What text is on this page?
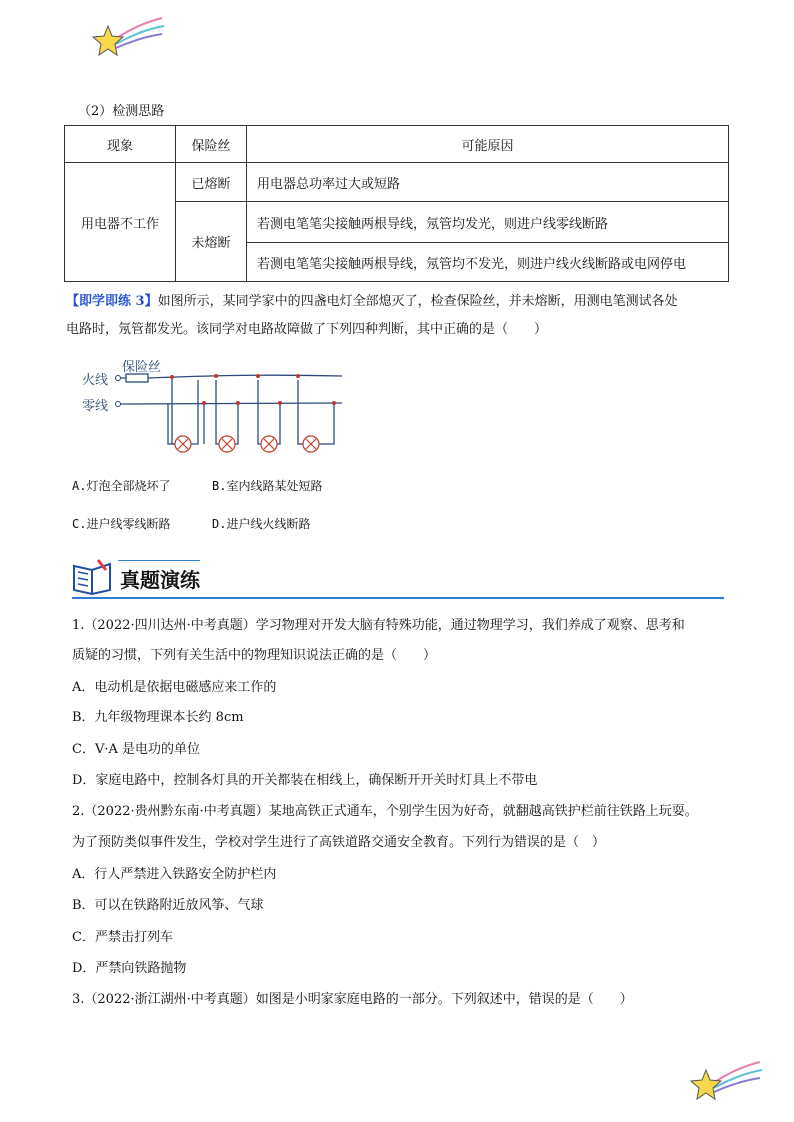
（2）检测思路
现象	保险丝	可能原因
用电器不工作	已熔断	用电器总功率过大或短路
	未熔断	若测电笔笔尖接触两根导线，氖管均发光，则进户线零线断路
		若测电笔笔尖接触两根导线，氖管均不发光，则进户线火线断路或电网停电
【即学即练 3】如图所示，某同学家中的四盏电灯全部熄灭了，检查保险丝，并未熔断，用测电笔测试各处
电路时，氖管都发光。该同学对电路故障做了下列四种判断，其中正确的是（　　）
火线
零线
保险丝
A.灯泡全部烧坏了	B.室内线路某处短路
C.进户线零线断路	D.进户线火线断路
真题演练
1.（2022·四川达州·中考真题）学习物理对开发大脑有特殊功能，通过物理学习，我们养成了观察、思考和
质疑的习惯，下列有关生活中的物理知识说法正确的是（　　）
A．电动机是依据电磁感应来工作的
B．九年级物理课本长约 8cm
C．V·A 是电功的单位
D．家庭电路中，控制各灯具的开关都装在相线上，确保断开开关时灯具上不带电
2.（2022·贵州黔东南·中考真题）某地高铁正式通车，个别学生因为好奇，就翻越高铁护栏前往铁路上玩耍。
为了预防类似事件发生，学校对学生进行了高铁道路交通安全教育。下列行为错误的是（　）
A．行人严禁进入铁路安全防护栏内
B．可以在铁路附近放风筝、气球
C．严禁击打列车
D．严禁向铁路抛物
3.（2022·浙江湖州·中考真题）如图是小明家家庭电路的一部分。下列叙述中，错误的是（　　）
